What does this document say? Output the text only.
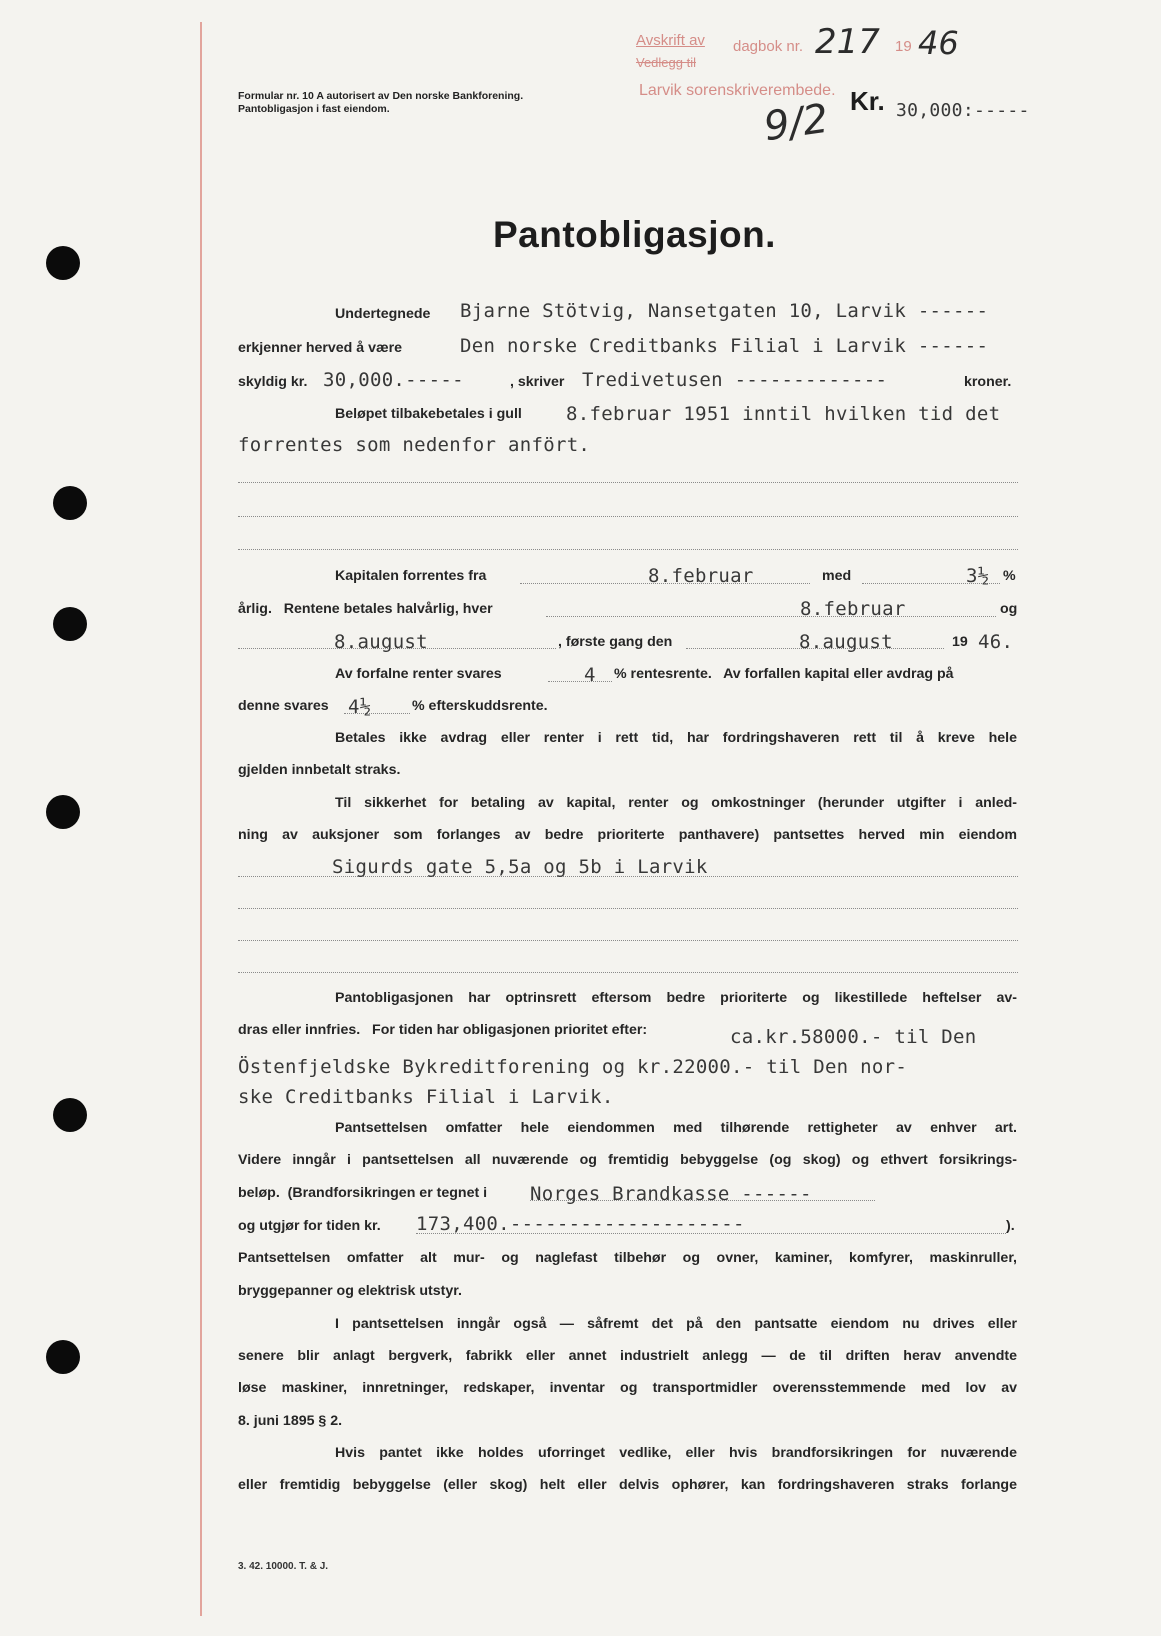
Avskrift av
Vedlegg til
dagbok nr. 217 19 46
Larvik sorenskriverembede.
Formular nr. 10 A autorisert av Den norske Bankforening.
Pantobligasjon i fast eiendom.	Kr. 30,000:-----
9/2
Pantobligasjon.
Undertegnede Bjarne Stötvig, Nansetgaten 10, Larvik ------
erkjenner herved å være	Den norske Creditbanks Filial i Larvik ------
skyldig kr. 30,000.-----	, skriver Tredivetusen -------------	kroner.
Beløpet tilbakebetales i gull 8.februar 1951 inntil hvilken tid det
forrentes som nedenfor anfört.
Kapitalen forrentes fra	8.februar	med	3½ %
årlig.   Rentene betales halvårlig, hver	8.februar	og
8.august	, første gang den	8.august	19 46.
Av forfalne renter svares	4 % rentesrente.   Av forfallen kapital eller avdrag på
denne svares 4½	% efterskuddsrente.
Betales ikke avdrag eller renter i rett tid, har fordringshaveren rett til å kreve hele
gjelden innbetalt straks.
Til sikkerhet for betaling av kapital, renter og omkostninger (herunder utgifter i anled-
ning av auksjoner som forlanges av bedre prioriterte panthavere) pantsettes herved min eiendom
Sigurds gate 5,5a og 5b i Larvik
Pantobligasjonen har optrinsrett eftersom bedre prioriterte og likestillede heftelser av-
dras eller innfries.   For tiden har obligasjonen prioritet efter:	ca.kr.58000.- til Den
Östenfjeldske Bykreditforening og kr.22000.- til Den nor-
ske Creditbanks Filial i Larvik.
Pantsettelsen omfatter hele eiendommen med tilhørende rettigheter av enhver art.
Videre inngår i pantsettelsen all nuværende og fremtidig bebyggelse (og skog) og ethvert forsikrings-
beløp.  (Brandforsikringen er tegnet i Norges Brandkasse ------
og utgjør for tiden kr. 173,400.--------------------	).
Pantsettelsen omfatter alt mur- og naglefast tilbehør og ovner, kaminer, komfyrer, maskinruller,
bryggepanner og elektrisk utstyr.
I pantsettelsen inngår også — såfremt det på den pantsatte eiendom nu drives eller
senere blir anlagt bergverk, fabrikk eller annet industrielt anlegg — de til driften herav anvendte
løse maskiner, innretninger, redskaper, inventar og transportmidler overensstemmende med lov av
8. juni 1895 § 2.
Hvis pantet ikke holdes uforringet vedlike, eller hvis brandforsikringen for nuværende
eller fremtidig bebyggelse (eller skog) helt eller delvis ophører, kan fordringshaveren straks forlange
3. 42. 10000. T. & J.
